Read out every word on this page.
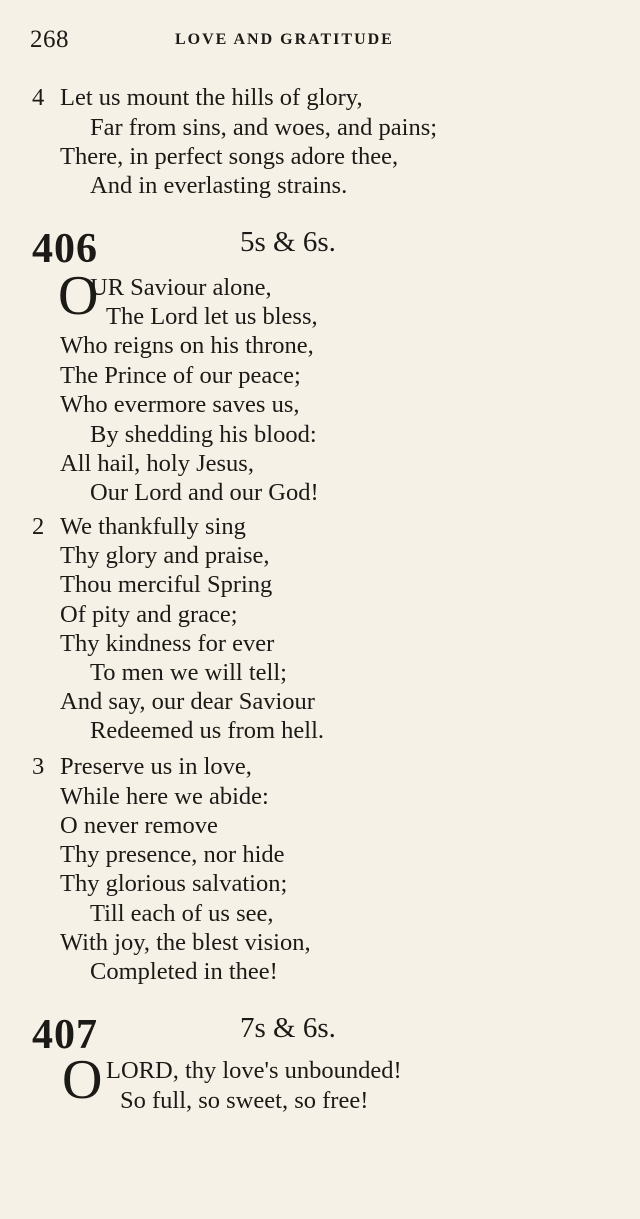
268	LOVE AND GRATITUDE
4 Let us mount the hills of glory,
Far from sins, and woes, and pains;
There, in perfect songs adore thee,
And in everlasting strains.
406	5s & 6s.
O
UR Saviour alone,
The Lord let us bless,
Who reigns on his throne,
The Prince of our peace;
Who evermore saves us,
By shedding his blood:
All hail, holy Jesus,
Our Lord and our God!
2 We thankfully sing
Thy glory and praise,
Thou merciful Spring
Of pity and grace;
Thy kindness for ever
To men we will tell;
And say, our dear Saviour
Redeemed us from hell.
3 Preserve us in love,
While here we abide:
O never remove
Thy presence, nor hide
Thy glorious salvation;
Till each of us see,
With joy, the blest vision,
Completed in thee!
407	7s & 6s.
O LORD, thy love's unbounded!
So full, so sweet, so free!
